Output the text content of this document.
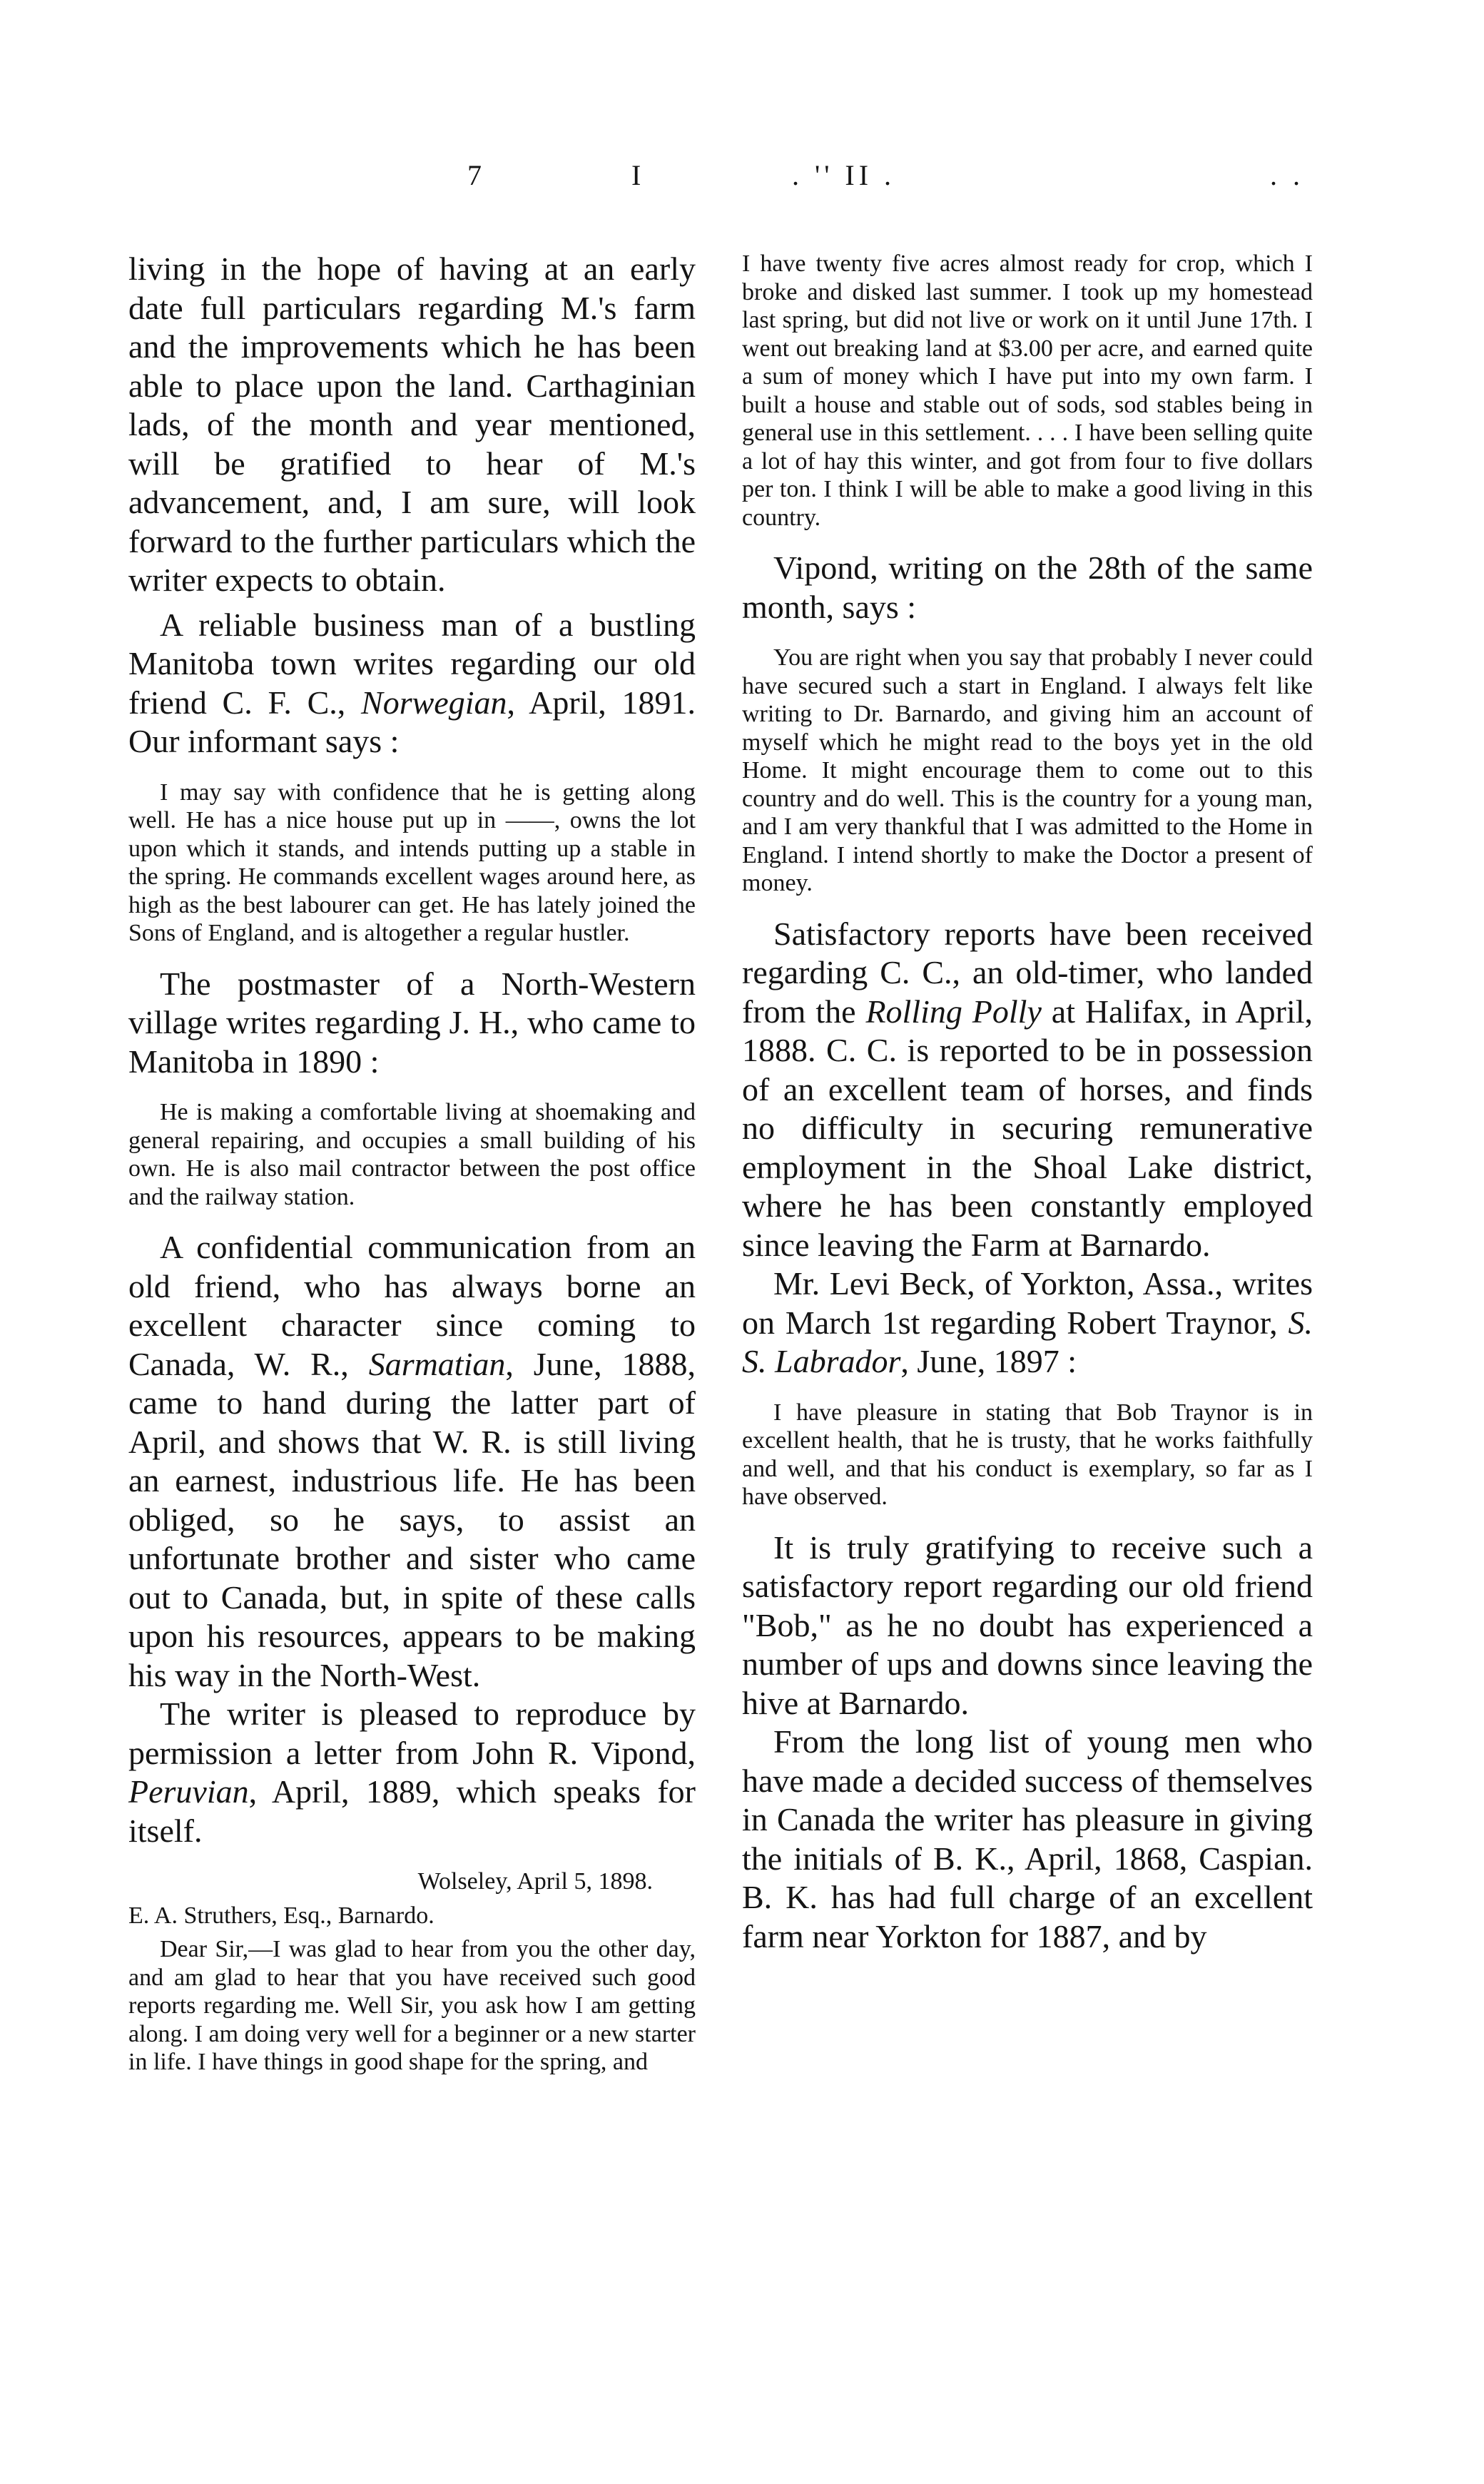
7	I	. '' II .	. .

living in the hope of having at an early date full particulars regarding M.'s farm and the improvements which he has been able to place upon the land. Carthaginian lads, of the month and year mentioned, will be gratified to hear of M.'s advancement, and, I am sure, will look forward to the further particulars which the writer expects to obtain.

A reliable business man of a bustling Manitoba town writes regarding our old friend C. F. C., Norwegian, April, 1891. Our informant says :

I may say with confidence that he is getting along well. He has a nice house put up in ——, owns the lot upon which it stands, and intends putting up a stable in the spring. He commands excellent wages around here, as high as the best labourer can get. He has lately joined the Sons of England, and is altogether a regular hustler.

The postmaster of a North-Western village writes regarding J. H., who came to Manitoba in 1890 :

He is making a comfortable living at shoemaking and general repairing, and occupies a small building of his own. He is also mail contractor between the post office and the railway station.

A confidential communication from an old friend, who has always borne an excellent character since coming to Canada, W. R., Sarmatian, June, 1888, came to hand during the latter part of April, and shows that W. R. is still living an earnest, industrious life. He has been obliged, so he says, to assist an unfortunate brother and sister who came out to Canada, but, in spite of these calls upon his resources, appears to be making his way in the North-West.

The writer is pleased to reproduce by permission a letter from John R. Vipond, Peruvian, April, 1889, which speaks for itself.

Wolseley, April 5, 1898.

E. A. Struthers, Esq., Barnardo.

Dear Sir,—I was glad to hear from you the other day, and am glad to hear that you have received such good reports regarding me. Well Sir, you ask how I am getting along. I am doing very well for a beginner or a new starter in life. I have things in good shape for the spring, and

I have twenty five acres almost ready for crop, which I broke and disked last summer. I took up my homestead last spring, but did not live or work on it until June 17th. I went out breaking land at $3.00 per acre, and earned quite a sum of money which I have put into my own farm. I built a house and stable out of sods, sod stables being in general use in this settlement. . . . I have been selling quite a lot of hay this winter, and got from four to five dollars per ton. I think I will be able to make a good living in this country.

Vipond, writing on the 28th of the same month, says :

You are right when you say that probably I never could have secured such a start in England. I always felt like writing to Dr. Barnardo, and giving him an account of myself which he might read to the boys yet in the old Home. It might encourage them to come out to this country and do well. This is the country for a young man, and I am very thankful that I was admitted to the Home in England. I intend shortly to make the Doctor a present of money.

Satisfactory reports have been received regarding C. C., an old-timer, who landed from the Rolling Polly at Halifax, in April, 1888. C. C. is reported to be in possession of an excellent team of horses, and finds no difficulty in securing remunerative employment in the Shoal Lake district, where he has been constantly employed since leaving the Farm at Barnardo.

Mr. Levi Beck, of Yorkton, Assa., writes on March 1st regarding Robert Traynor, S. S. Labrador, June, 1897 :

I have pleasure in stating that Bob Traynor is in excellent health, that he is trusty, that he works faithfully and well, and that his conduct is exemplary, so far as I have observed.

It is truly gratifying to receive such a satisfactory report regarding our old friend "Bob," as he no doubt has experienced a number of ups and downs since leaving the hive at Barnardo.

From the long list of young men who have made a decided success of themselves in Canada the writer has pleasure in giving the initials of B. K., April, 1868, Caspian. B. K. has had full charge of an excellent farm near Yorkton for 1887, and by
